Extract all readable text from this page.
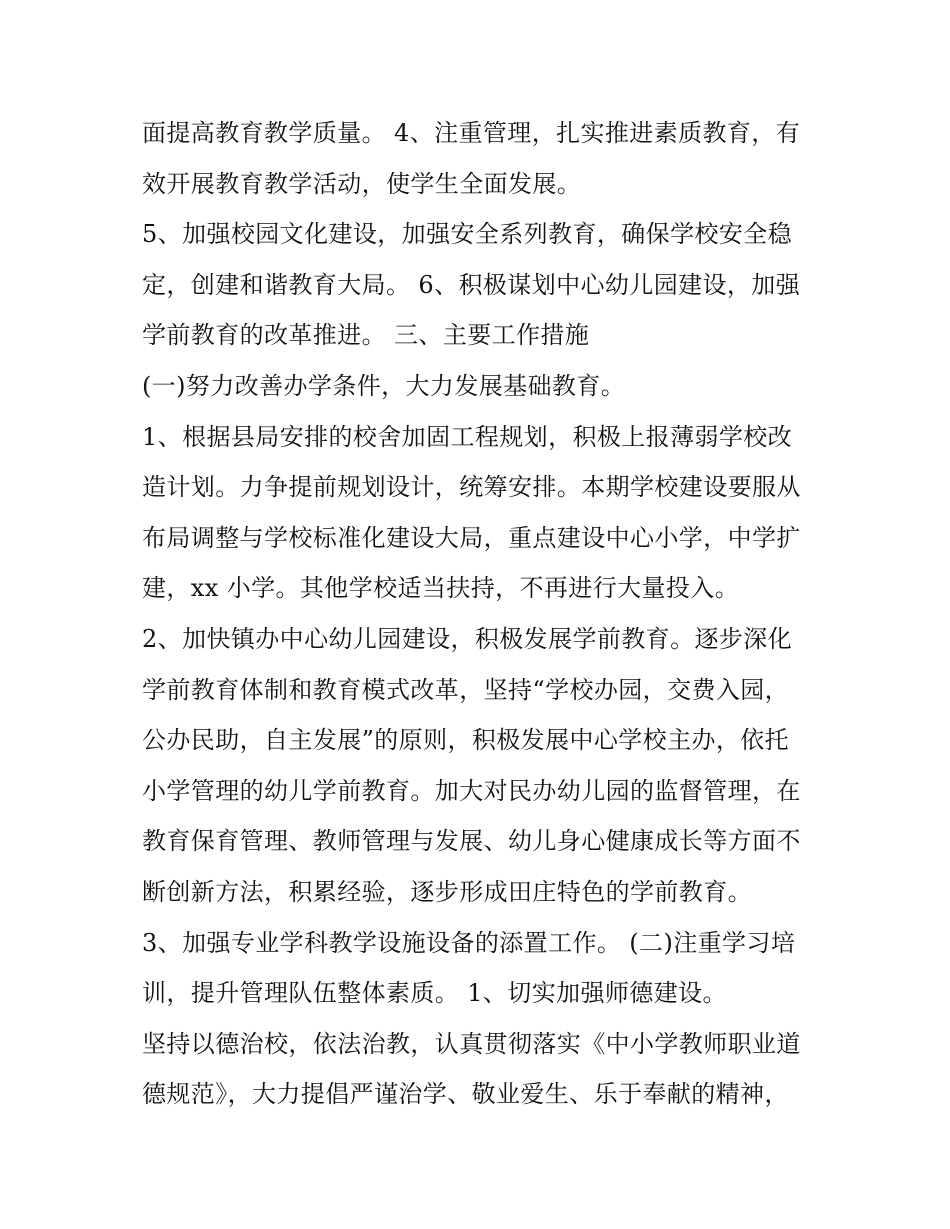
面提高教育教学质量。 4、注重管理，扎实推进素质教育，有
效开展教育教学活动，使学生全面发展。
5、加强校园文化建设，加强安全系列教育，确保学校安全稳
定，创建和谐教育大局。 6、积极谋划中心幼儿园建设，加强
学前教育的改革推进。 三、主要工作措施
(一)努力改善办学条件，大力发展基础教育。
1、根据县局安排的校舍加固工程规划，积极上报薄弱学校改
造计划。力争提前规划设计，统筹安排。本期学校建设要服从
布局调整与学校标准化建设大局，重点建设中心小学，中学扩
建，xx 小学。其他学校适当扶持，不再进行大量投入。
2、加快镇办中心幼儿园建设，积极发展学前教育。逐步深化
学前教育体制和教育模式改革，坚持“学校办园，交费入园，
公办民助，自主发展”的原则，积极发展中心学校主办，依托
小学管理的幼儿学前教育。加大对民办幼儿园的监督管理，在
教育保育管理、教师管理与发展、幼儿身心健康成长等方面不
断创新方法，积累经验，逐步形成田庄特色的学前教育。
3、加强专业学科教学设施设备的添置工作。 (二)注重学习培
训，提升管理队伍整体素质。 1、切实加强师德建设。
坚持以德治校，依法治教，认真贯彻落实《中小学教师职业道
德规范》，大力提倡严谨治学、敬业爱生、乐于奉献的精神，
